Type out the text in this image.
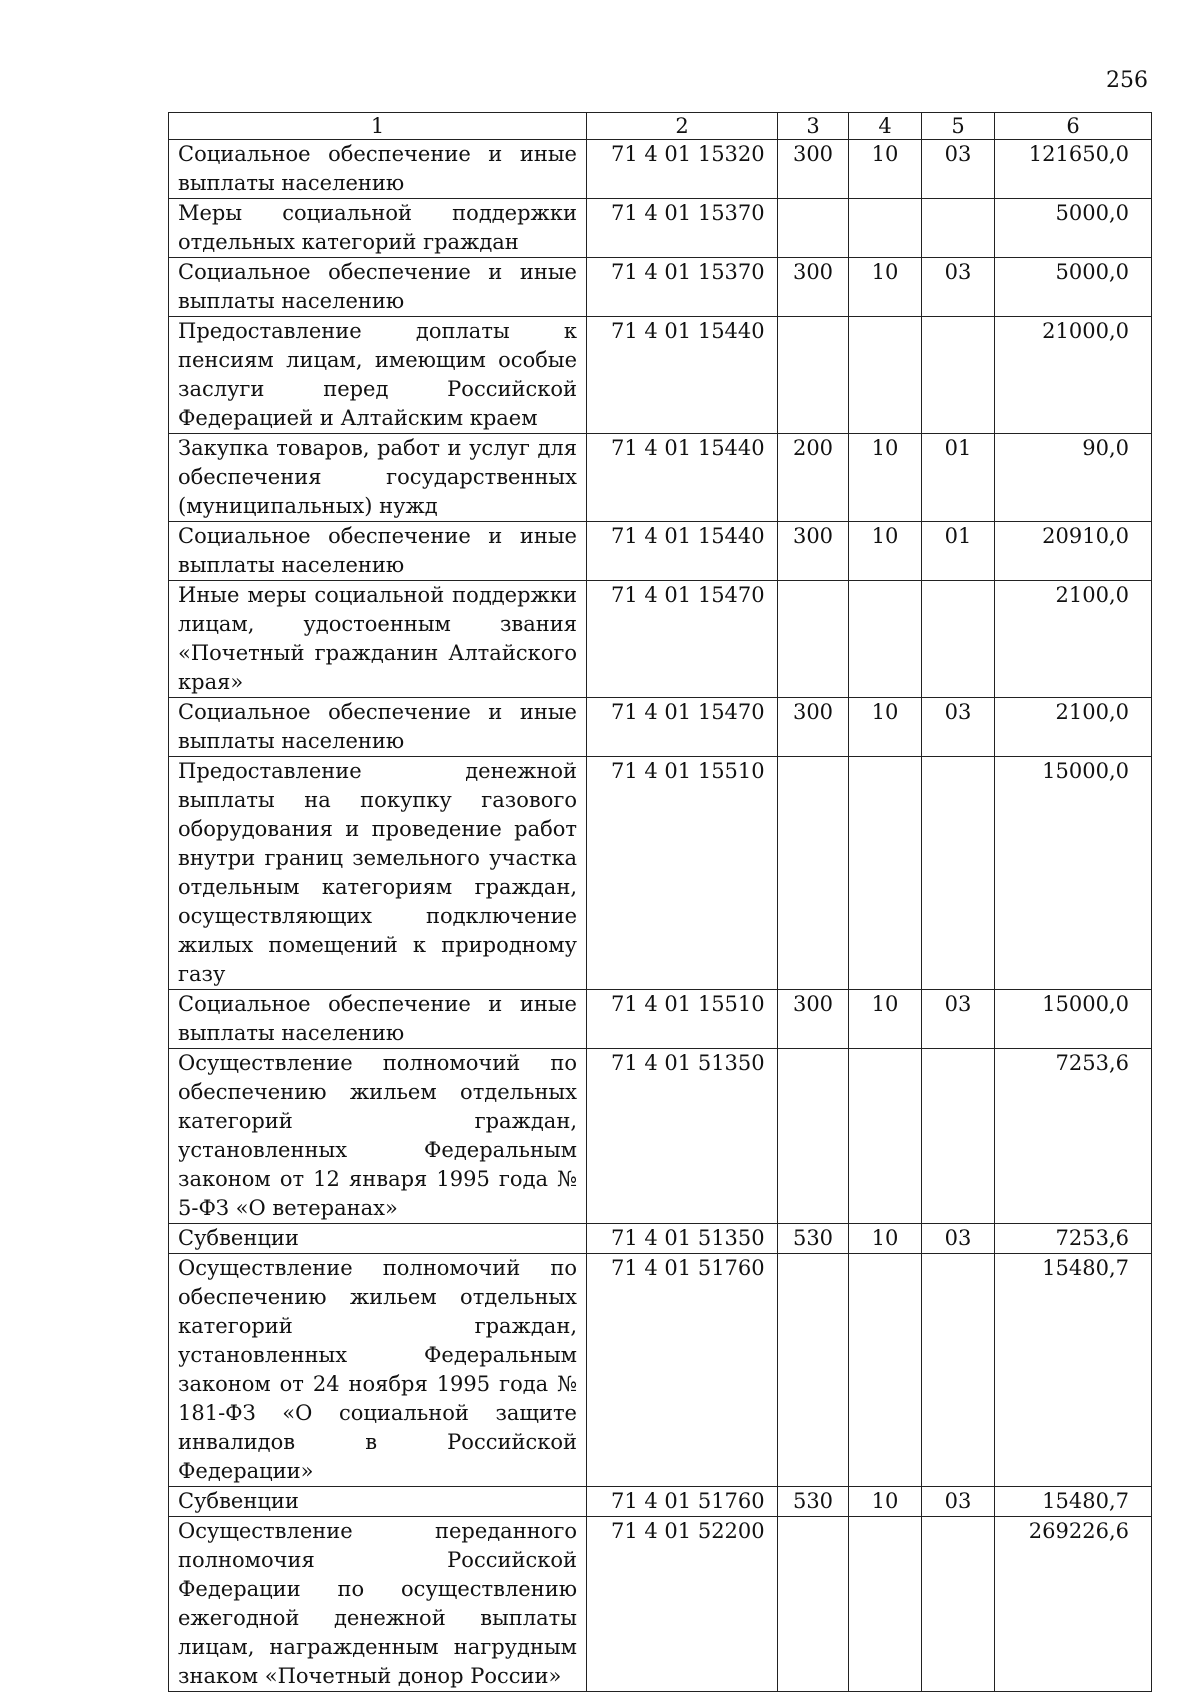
256
1	2	3	4	5	6
Социальное обеспечение и иные выплаты населению	71 4 01 15320	300	10	03	121650,0
Меры социальной поддержки отдельных категорий граждан	71 4 01 15370				5000,0
Социальное обеспечение и иные выплаты населению	71 4 01 15370	300	10	03	5000,0
Предоставление доплаты к пенсиям лицам, имеющим особые заслуги перед Российской Федерацией и Алтайским краем	71 4 01 15440				21000,0
Закупка товаров, работ и услуг для обеспечения государственных (муниципальных) нужд	71 4 01 15440	200	10	01	90,0
Социальное обеспечение и иные выплаты населению	71 4 01 15440	300	10	01	20910,0
Иные меры социальной поддержки лицам, удостоенным звания «Почетный гражданин Алтайского края»	71 4 01 15470				2100,0
Социальное обеспечение и иные выплаты населению	71 4 01 15470	300	10	03	2100,0
Предоставление денежной выплаты на покупку газового оборудования и проведение работ внутри границ земельного участка отдельным категориям граждан, осуществляющих подключение жилых помещений к природному газу	71 4 01 15510				15000,0
Социальное обеспечение и иные выплаты населению	71 4 01 15510	300	10	03	15000,0
Осуществление полномочий по обеспечению жильем отдельных категорий граждан, установленных Федеральным законом от 12 января 1995 года № 5-ФЗ «О ветеранах»	71 4 01 51350				7253,6
Субвенции	71 4 01 51350	530	10	03	7253,6
Осуществление полномочий по обеспечению жильем отдельных категорий граждан, установленных Федеральным законом от 24 ноября 1995 года № 181-ФЗ «О социальной защите инвалидов в Российской Федерации»	71 4 01 51760				15480,7
Субвенции	71 4 01 51760	530	10	03	15480,7
Осуществление переданного полномочия Российской Федерации по осуществлению ежегодной денежной выплаты лицам, награжденным нагрудным знаком «Почетный донор России»	71 4 01 52200				269226,6
